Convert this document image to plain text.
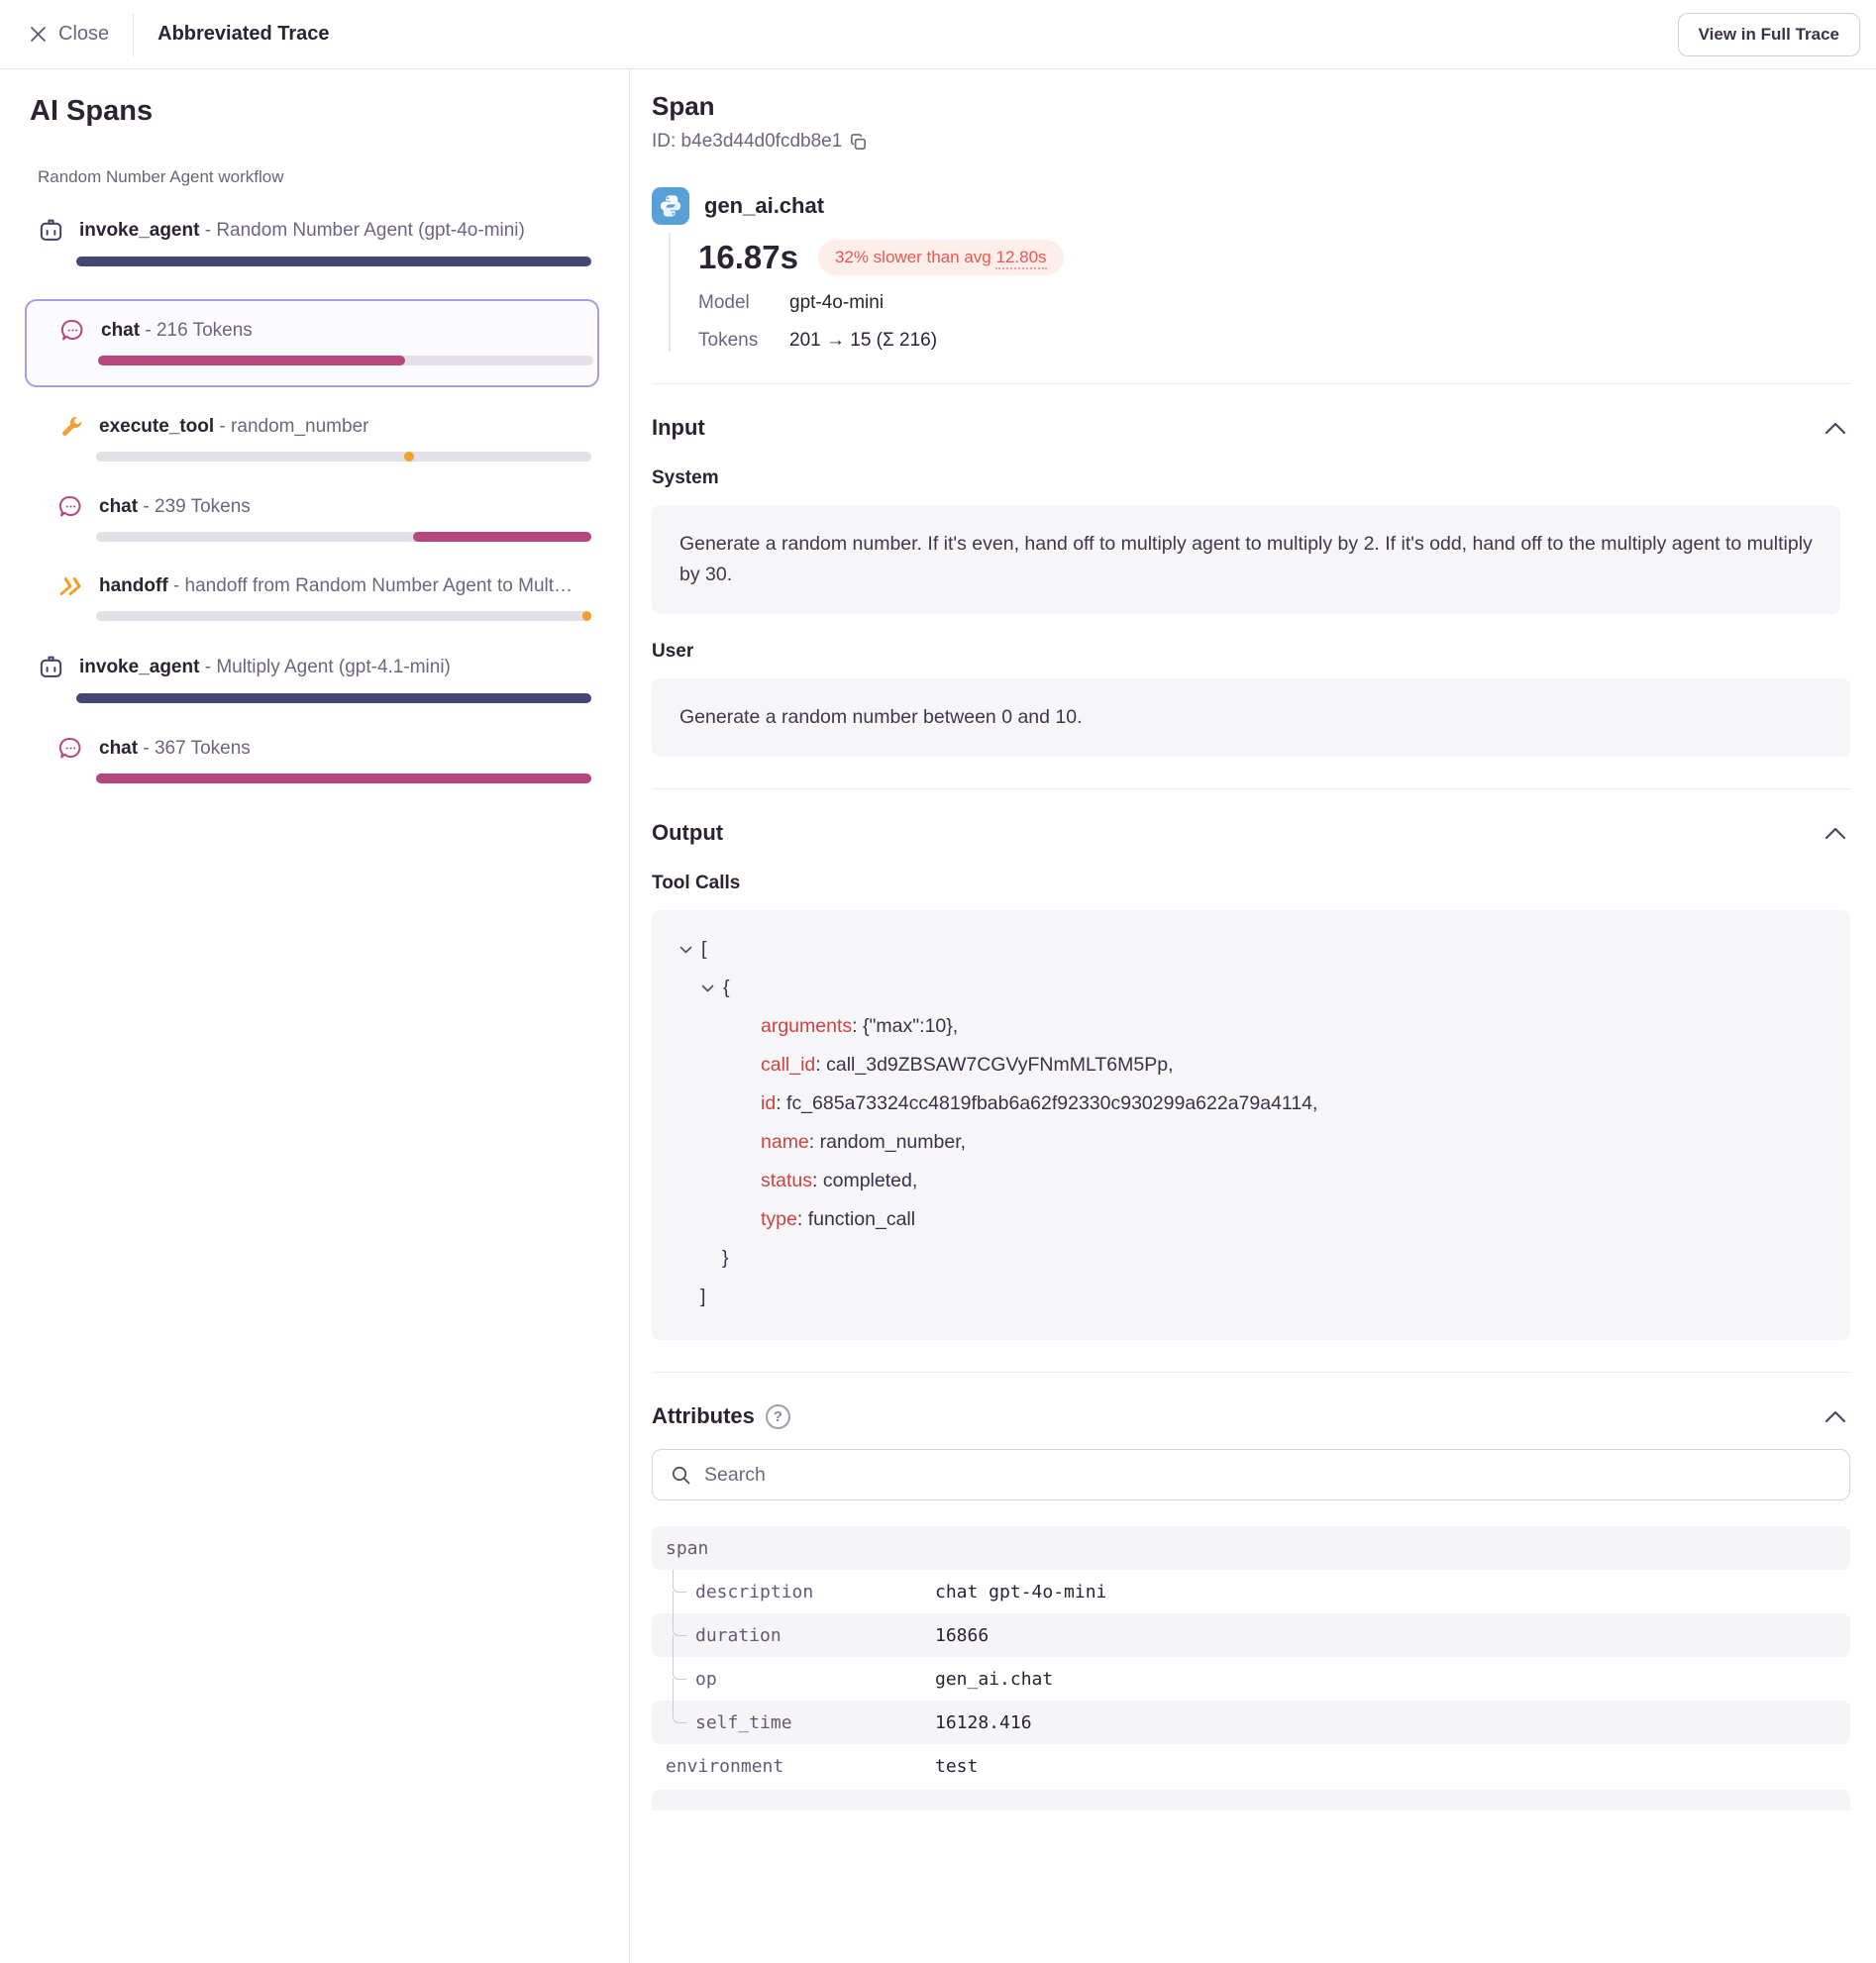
Close Abbreviated Trace	View in Full Trace
AI Spans
Random Number Agent workflow
invoke_agent - Random Number Agent (gpt-4o-mini)
chat - 216 Tokens
execute_tool - random_number
chat - 239 Tokens
handoff - handoff from Random Number Agent to Mult…
invoke_agent - Multiply Agent (gpt-4.1-mini)
chat - 367 Tokens
Span
ID: b4e3d44d0fcdb8e1
gen_ai.chat
16.87s	32% slower than avg 12.80s
Model	gpt-4o-mini
Tokens	201 → 15 (Σ 216)
Input
System
Generate a random number. If it's even, hand off to multiply agent to multiply by 2. If it's odd, hand off to the multiply agent to multiply by 30.
User
Generate a random number between 0 and 10.
Output
Tool Calls
[
{
arguments : {"max":10},
call_id : call_3d9ZBSAW7CGVyFNmMLT6M5Pp,
id : fc_685a73324cc4819fbab6a62f92330c930299a622a79a4114,
name : random_number,
status : completed,
type : function_call
}
]
Attributes	?
Search
span
description	chat gpt-4o-mini
duration	16866
op	gen_ai.chat
self_time	16128.416
environment	test
